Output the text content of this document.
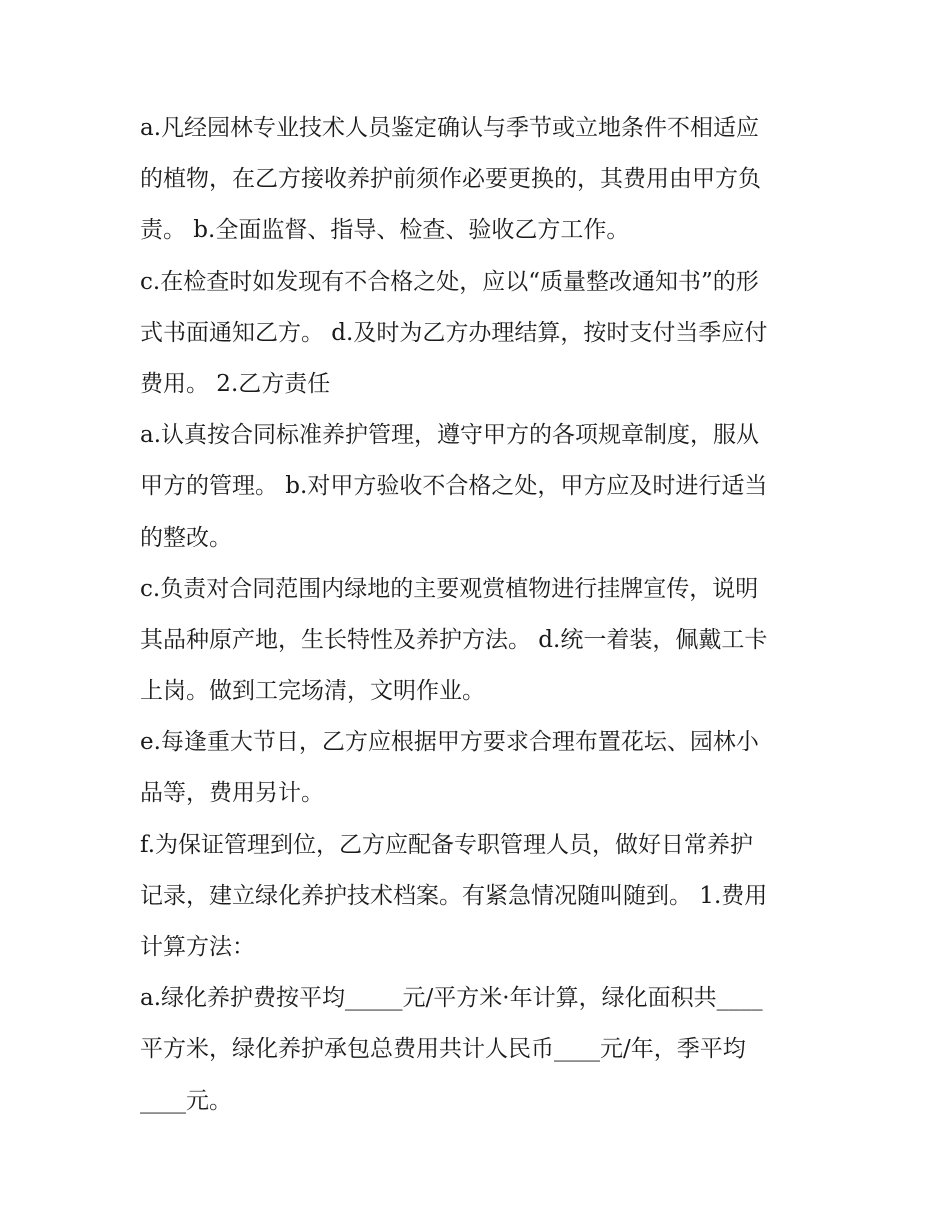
a.凡经园林专业技术人员鉴定确认与季节或立地条件不相适应
的植物，在乙方接收养护前须作必要更换的，其费用由甲方负
责。 b.全面监督、指导、检查、验收乙方工作。
c.在检查时如发现有不合格之处，应以“质量整改通知书”的形
式书面通知乙方。 d.及时为乙方办理结算，按时支付当季应付
费用。 2.乙方责任
a.认真按合同标准养护管理，遵守甲方的各项规章制度，服从
甲方的管理。 b.对甲方验收不合格之处，甲方应及时进行适当
的整改。
c.负责对合同范围内绿地的主要观赏植物进行挂牌宣传，说明
其品种原产地，生长特性及养护方法。 d.统一着装，佩戴工卡
上岗。做到工完场清，文明作业。
e.每逢重大节日，乙方应根据甲方要求合理布置花坛、园林小
品等，费用另计。
f.为保证管理到位，乙方应配备专职管理人员，做好日常养护
记录，建立绿化养护技术档案。有紧急情况随叫随到。 1.费用
计算方法：
a.绿化养护费按平均_____元/平方米·年计算，绿化面积共____
平方米，绿化养护承包总费用共计人民币____元/年，季平均
____元。
